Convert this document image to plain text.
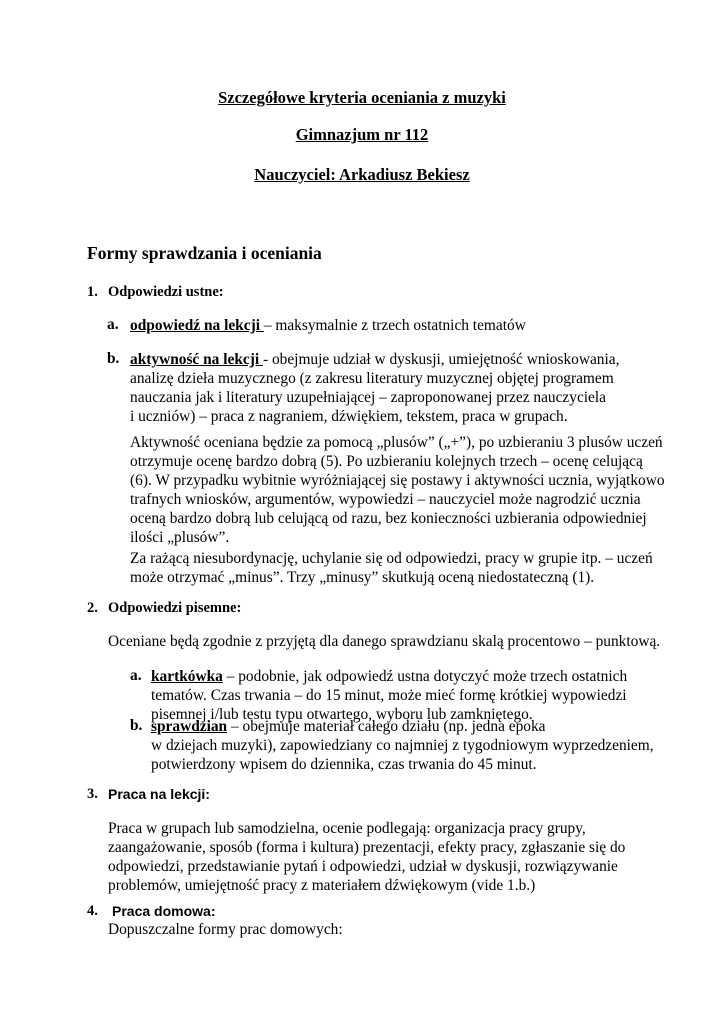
Szczegółowe kryteria oceniania z muzyki
Gimnazjum nr 112
Nauczyciel: Arkadiusz Bekiesz
Formy sprawdzania i oceniania
1. Odpowiedzi ustne:
a. odpowiedź na lekcji – maksymalnie z trzech ostatnich tematów
b. aktywność na lekcji - obejmuje udział w dyskusji, umiejętność wnioskowania,
analizę dzieła muzycznego (z zakresu literatury muzycznej objętej programem
nauczania jak i literatury uzupełniającej – zaproponowanej przez nauczyciela
i uczniów) – praca z nagraniem, dźwiękiem, tekstem, praca w grupach.
Aktywność oceniana będzie za pomocą „plusów” („+”), po uzbieraniu 3 plusów uczeń
otrzymuje ocenę bardzo dobrą (5). Po uzbieraniu kolejnych trzech – ocenę celującą
(6). W przypadku wybitnie wyróżniającej się postawy i aktywności ucznia, wyjątkowo
trafnych wniosków, argumentów, wypowiedzi – nauczyciel może nagrodzić ucznia
oceną bardzo dobrą lub celującą od razu, bez konieczności uzbierania odpowiedniej
ilości „plusów”.
Za rażącą niesubordynację, uchylanie się od odpowiedzi, pracy w grupie itp. – uczeń
może otrzymać „minus”. Trzy „minusy” skutkują oceną niedostateczną (1).
2. Odpowiedzi pisemne:
Oceniane będą zgodnie z przyjętą dla danego sprawdzianu skalą procentowo – punktową.
a. kartkówka – podobnie, jak odpowiedź ustna dotyczyć może trzech ostatnich
tematów. Czas trwania – do 15 minut, może mieć formę krótkiej wypowiedzi
pisemnej i/lub testu typu otwartego, wyboru lub zamkniętego.
b. sprawdzian – obejmuje materiał całego działu (np. jedna epoka
w dziejach muzyki), zapowiedziany co najmniej z tygodniowym wyprzedzeniem,
potwierdzony wpisem do dziennika, czas trwania do 45 minut.
3. Praca na lekcji:
Praca w grupach lub samodzielna, ocenie podlegają: organizacja pracy grupy,
zaangażowanie, sposób (forma i kultura) prezentacji, efekty pracy, zgłaszanie się do
odpowiedzi, przedstawianie pytań i odpowiedzi, udział w dyskusji, rozwiązywanie
problemów, umiejętność pracy z materiałem dźwiękowym (vide 1.b.)
4. Praca domowa:
Dopuszczalne formy prac domowych:
